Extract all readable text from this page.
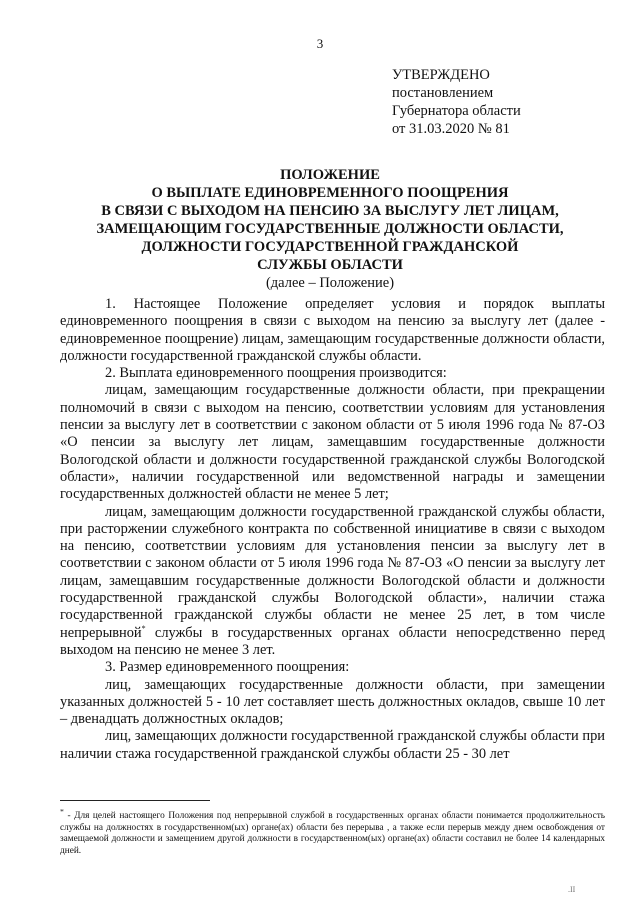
3
УТВЕРЖДЕНО
постановлением
Губернатора области
от 31.03.2020 № 81
ПОЛОЖЕНИЕ
О ВЫПЛАТЕ ЕДИНОВРЕМЕННОГО ПООЩРЕНИЯ
В СВЯЗИ С ВЫХОДОМ НА ПЕНСИЮ ЗА ВЫСЛУГУ ЛЕТ ЛИЦАМ,
ЗАМЕЩАЮЩИМ ГОСУДАРСТВЕННЫЕ ДОЛЖНОСТИ ОБЛАСТИ,
ДОЛЖНОСТИ ГОСУДАРСТВЕННОЙ ГРАЖДАНСКОЙ
СЛУЖБЫ ОБЛАСТИ
(далее – Положение)

1. Настоящее Положение определяет условия и порядок выплаты единовременного поощрения в связи с выходом на пенсию за выслугу лет (далее - единовременное поощрение) лицам, замещающим государственные должности области, должности государственной гражданской службы области.

2. Выплата единовременного поощрения производится:

лицам, замещающим государственные должности области, при прекращении полномочий в связи с выходом на пенсию, соответствии условиям для установления пенсии за выслугу лет в соответствии с законом области от 5 июля 1996 года № 87-ОЗ «О пенсии за выслугу лет лицам, замещавшим государственные должности Вологодской области и должности государственной гражданской службы Вологодской области», наличии государственной или ведомственной награды и замещении государственных должностей области не менее 5 лет;

лицам, замещающим должности государственной гражданской службы области, при расторжении служебного контракта по собственной инициативе в связи с выходом на пенсию, соответствии условиям для установления пенсии за выслугу лет в соответствии с законом области от 5 июля 1996 года № 87-ОЗ «О пенсии за выслугу лет лицам, замещавшим государственные должности Вологодской области и должности государственной гражданской службы Вологодской области», наличии стажа государственной гражданской службы области не менее 25 лет, в том числе непрерывной* службы в государственных органах области непосредственно перед выходом на пенсию не менее 3 лет.

3. Размер единовременного поощрения:

лиц, замещающих государственные должности области, при замещении указанных должностей 5 - 10 лет составляет шесть должностных окладов, свыше 10 лет – двенадцать должностных окладов;

лиц, замещающих должности государственной гражданской службы области при наличии стажа государственной гражданской службы области 25 - 30 лет

* - Для целей настоящего Положения под непрерывной службой в государственных органах области понимается продолжительность службы на должностях в государственном(ых) органе(ах) области без перерыва , а также если перерыв между днем освобождения от замещаемой должности и замещением другой должности в государственном(ых) органе(ах) области составил не более 14 календарных дней.

.II
